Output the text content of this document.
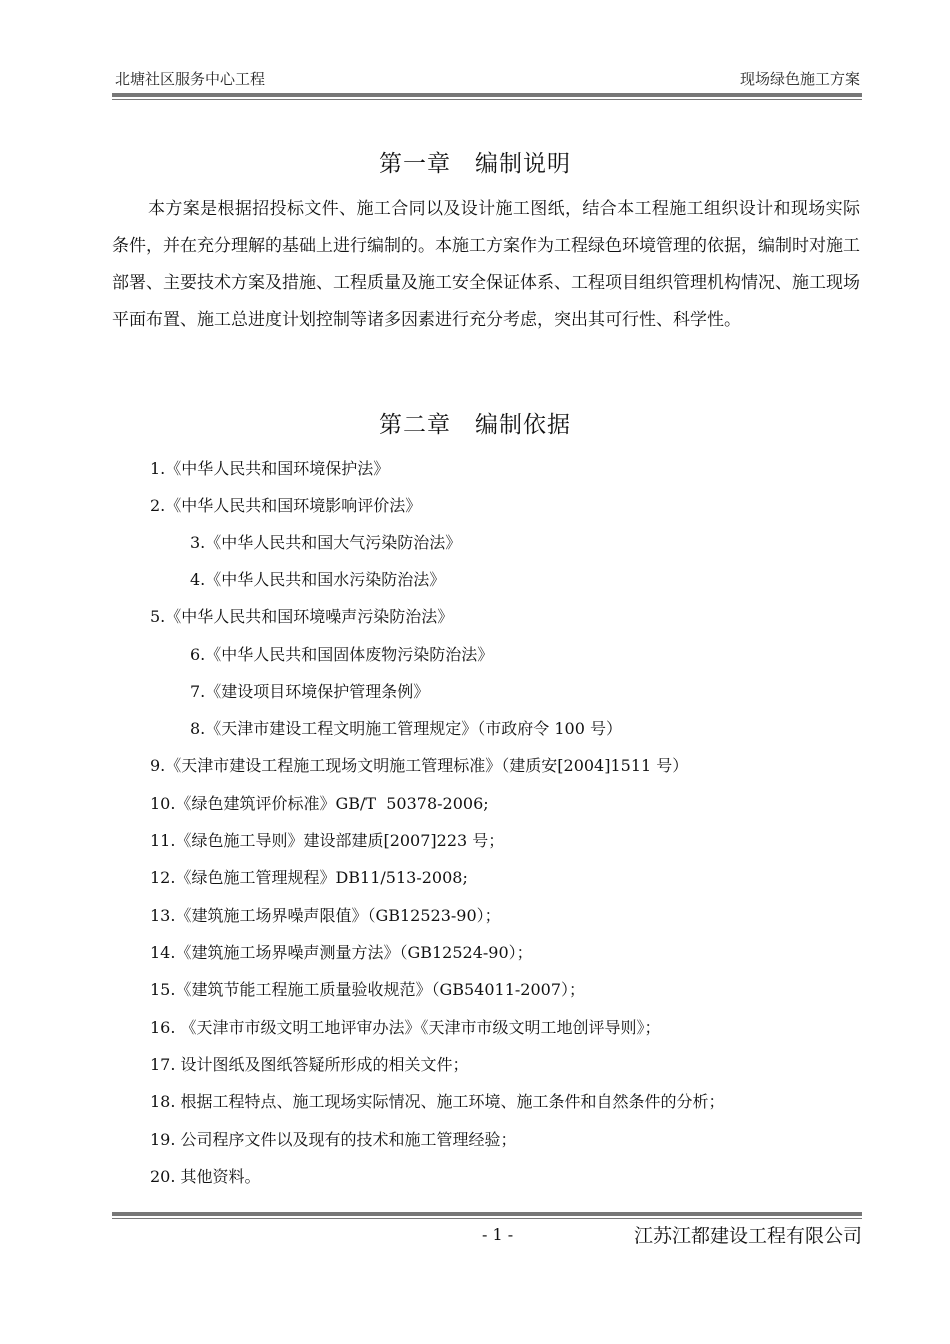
北塘社区服务中心工程	现场绿色施工方案
第一章　编制说明

本方案是根据招投标文件、施工合同以及设计施工图纸，结合本工程施工组织设计和现场实际条件，并在充分理解的基础上进行编制的。本施工方案作为工程绿色环境管理的依据，编制时对施工部署、主要技术方案及措施、工程质量及施工安全保证体系、工程项目组织管理机构情况、施工现场平面布置、施工总进度计划控制等诸多因素进行充分考虑，突出其可行性、科学性。

第二章　编制依据
1.《中华人民共和国环境保护法》
2.《中华人民共和国环境影响评价法》
3.《中华人民共和国大气污染防治法》
4.《中华人民共和国水污染防治法》
5.《中华人民共和国环境噪声污染防治法》
6.《中华人民共和国固体废物污染防治法》
7.《建设项目环境保护管理条例》
8.《天津市建设工程文明施工管理规定》（市政府令 100 号）
9.《天津市建设工程施工现场文明施工管理标准》（建质安[2004]1511 号）
10.《绿色建筑评价标准》GB/T  50378-2006;
11.《绿色施工导则》建设部建质[2007]223 号；
12.《绿色施工管理规程》DB11/513-2008;
13.《建筑施工场界噪声限值》（GB12523-90）；
14.《建筑施工场界噪声测量方法》（GB12524-90）；
15.《建筑节能工程施工质量验收规范》（GB54011-2007）；
16. 《天津市市级文明工地评审办法》《天津市市级文明工地创评导则》；
17. 设计图纸及图纸答疑所形成的相关文件；
18. 根据工程特点、施工现场实际情况、施工环境、施工条件和自然条件的分析；
19. 公司程序文件以及现有的技术和施工管理经验；
20. 其他资料。
- 1 -	江苏江都建设工程有限公司
